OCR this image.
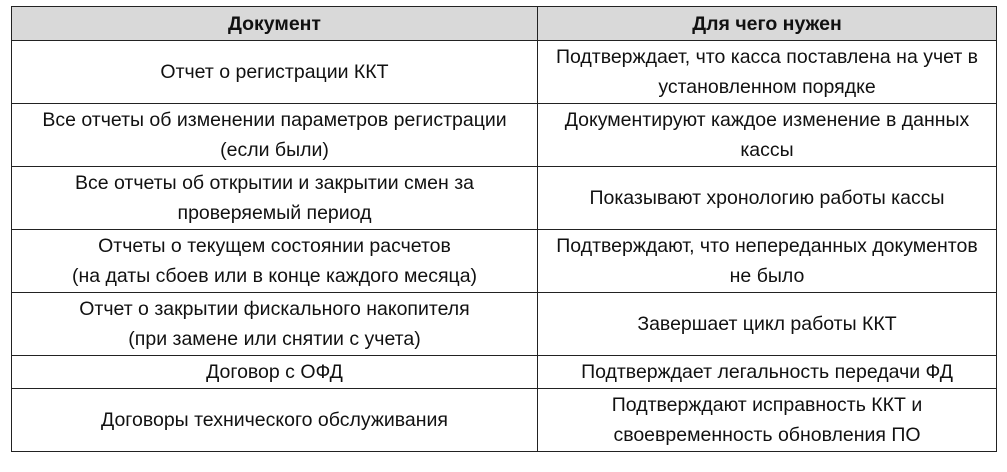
Документ	Для чего нужен

Отчет о регистрации ККТ	Подтверждает, что касса поставлена на учет в
установленном порядке

Все отчеты об изменении параметров регистрации
(если были)	Документируют каждое изменение в данных
кассы

Все отчеты об открытии и закрытии смен за
проверяемый период	Показывают хронологию работы кассы

Отчеты о текущем состоянии расчетов
(на даты сбоев или в конце каждого месяца)	Подтверждают, что непереданных документов
не было

Отчет о закрытии фискального накопителя
(при замене или снятии с учета)	Завершает цикл работы ККТ

Договор с ОФД	Подтверждает легальность передачи ФД

Договоры технического обслуживания	Подтверждают исправность ККТ и
своевременность обновления ПО
